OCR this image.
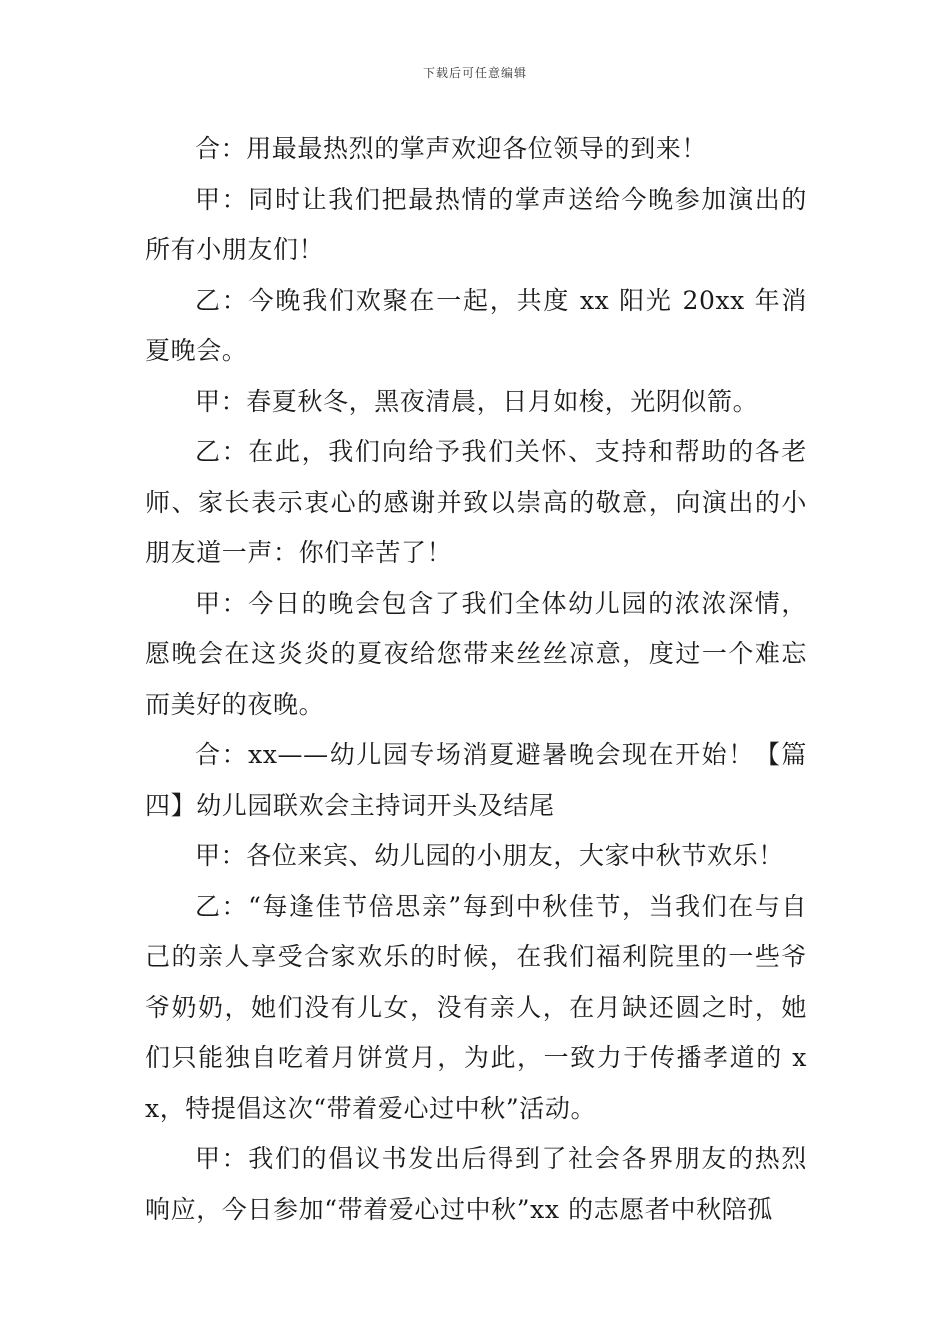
下载后可任意编辑

合：用最最热烈的掌声欢迎各位领导的到来！

甲：同时让我们把最热情的掌声送给今晚参加演出的所有小朋友们！

乙：今晚我们欢聚在一起，共度 xx 阳光 20xx 年消夏晚会。

甲：春夏秋冬，黑夜清晨，日月如梭，光阴似箭。

乙：在此，我们向给予我们关怀、支持和帮助的各老师、家长表示衷心的感谢并致以崇高的敬意，向演出的小朋友道一声：你们辛苦了！

甲：今日的晚会包含了我们全体幼儿园的浓浓深情，愿晚会在这炎炎的夏夜给您带来丝丝凉意，度过一个难忘而美好的夜晚。

合：xx——幼儿园专场消夏避暑晚会现在开始！【篇四】幼儿园联欢会主持词开头及结尾

甲：各位来宾、幼儿园的小朋友，大家中秋节欢乐！

乙：“每逢佳节倍思亲”每到中秋佳节，当我们在与自己的亲人享受合家欢乐的时候，在我们福利院里的一些爷爷奶奶，她们没有儿女，没有亲人，在月缺还圆之时，她们只能独自吃着月饼赏月，为此，一致力于传播孝道的 xx，特提倡这次“带着爱心过中秋”活动。

甲：我们的倡议书发出后得到了社会各界朋友的热烈响应，今日参加“带着爱心过中秋”xx 的志愿者中秋陪孤
